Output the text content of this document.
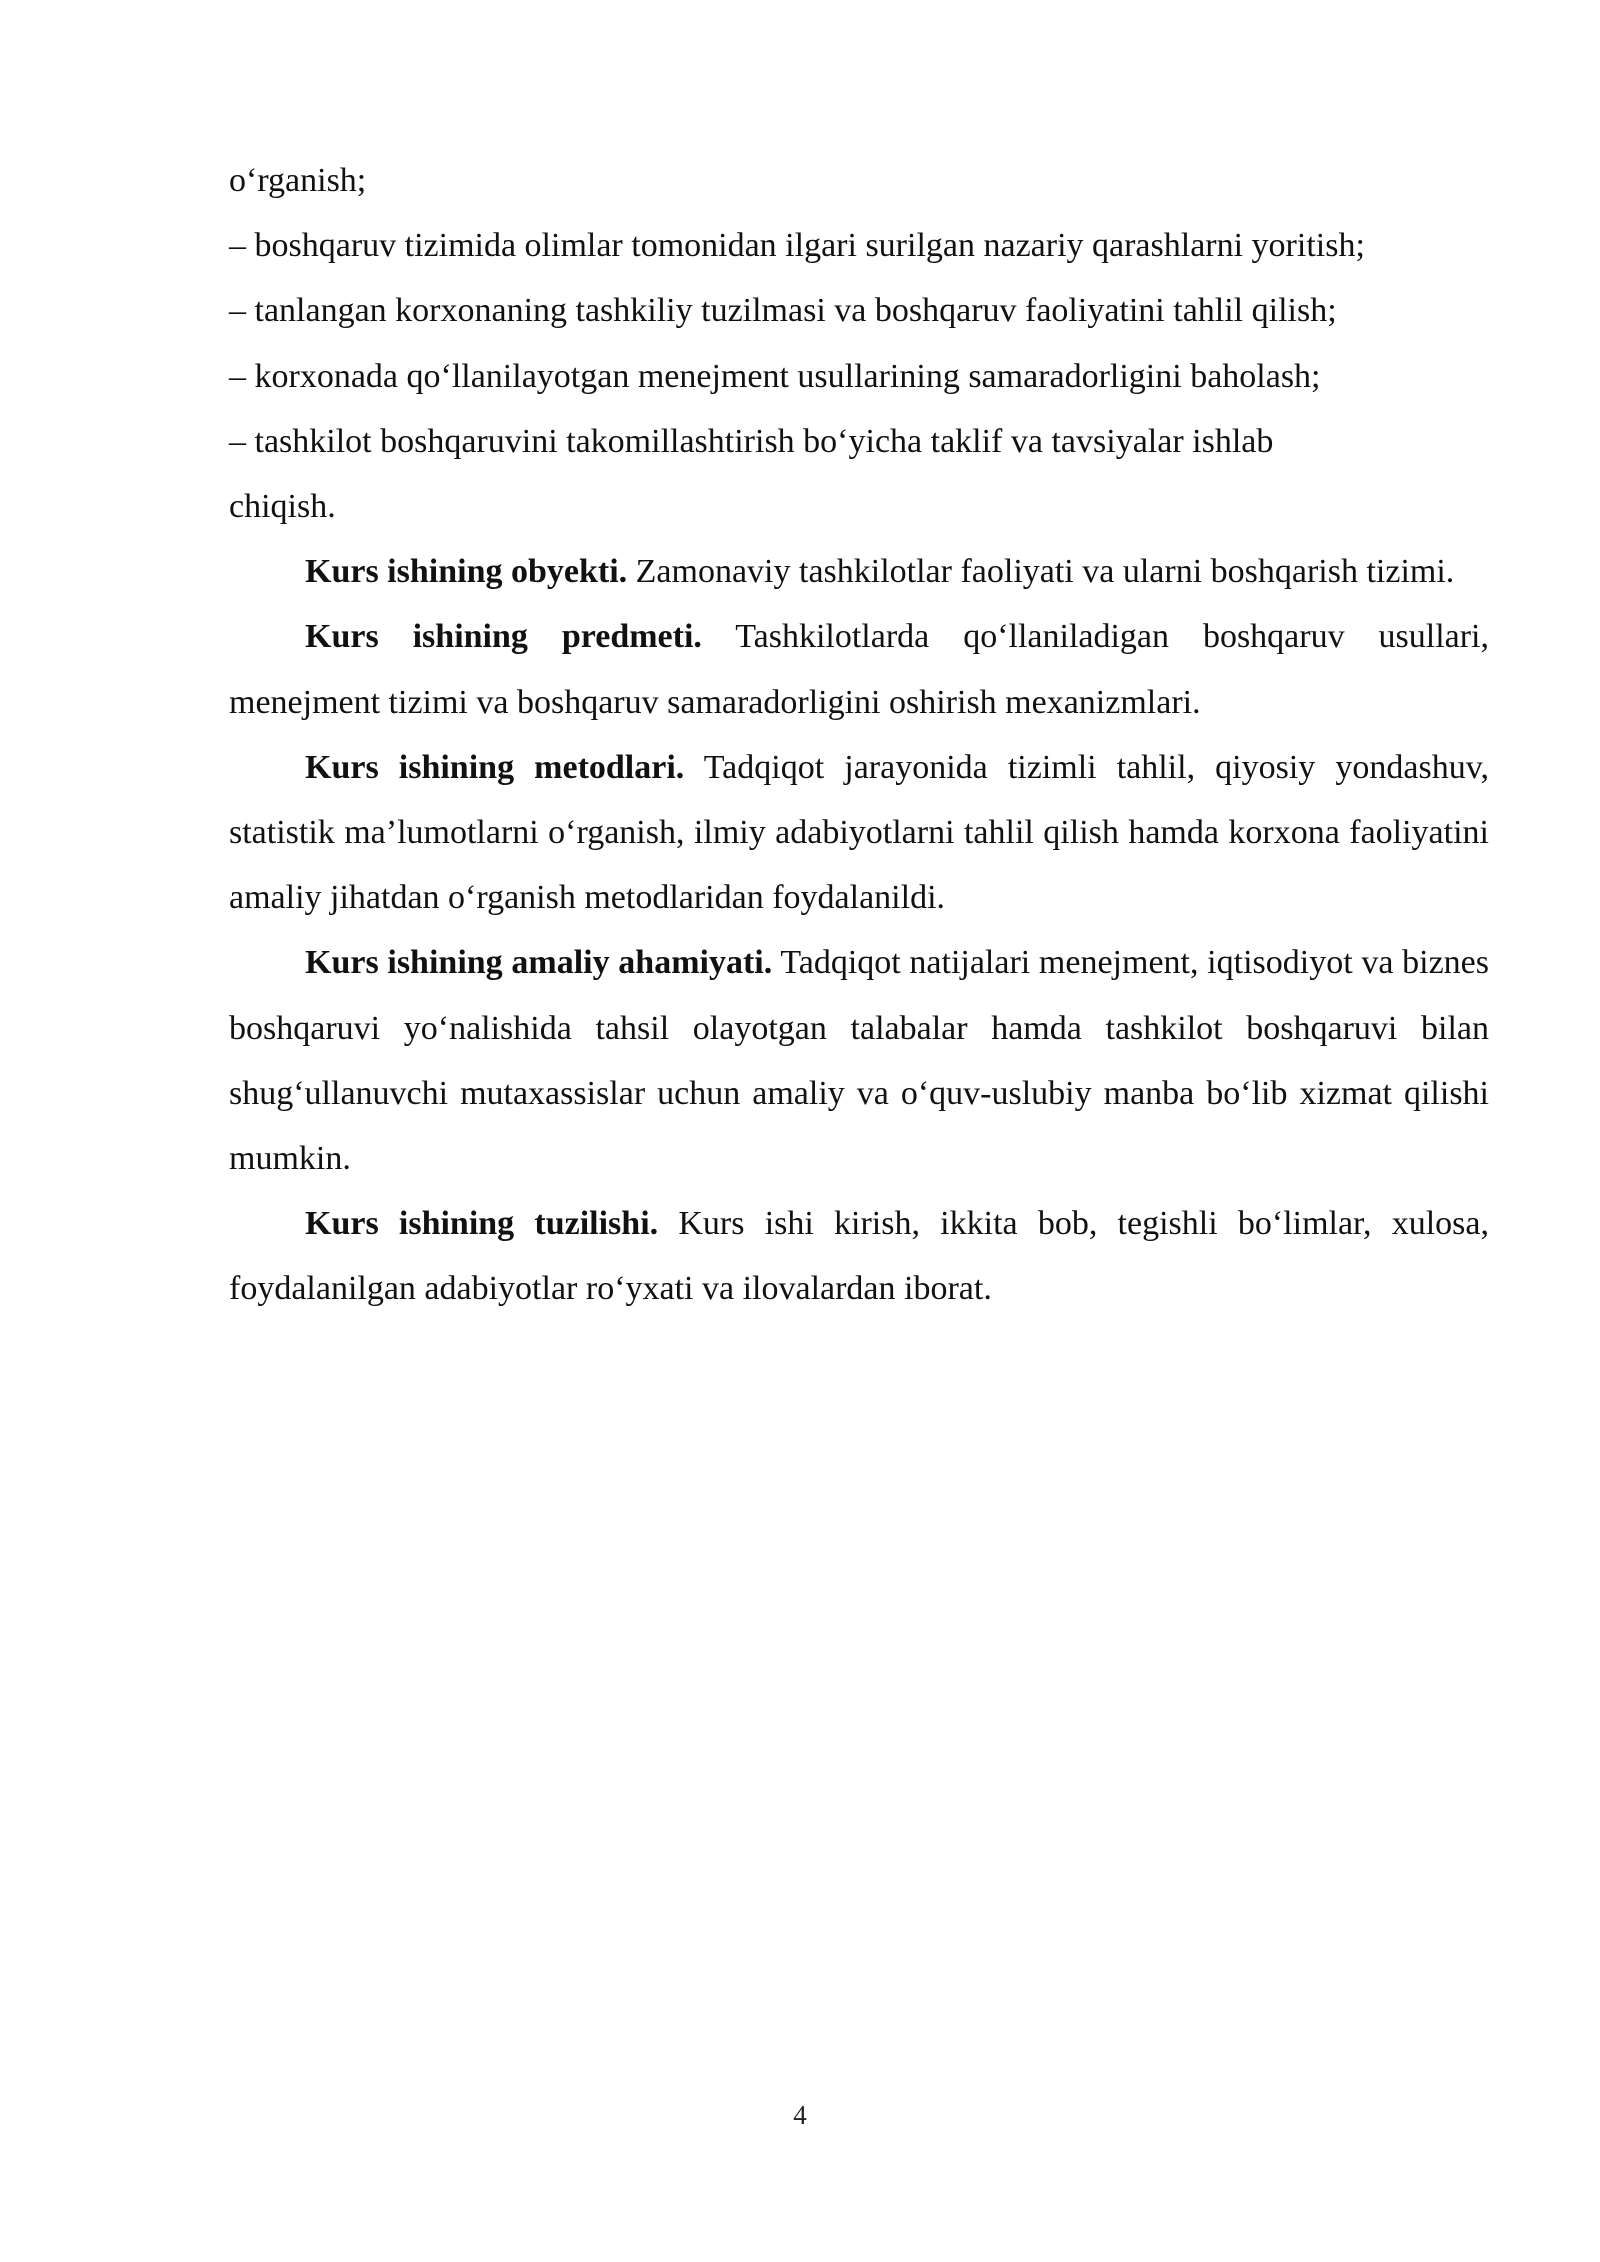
o‘rganish;
– boshqaruv tizimida olimlar tomonidan ilgari surilgan nazariy qarashlarni yoritish;
– tanlangan korxonaning tashkiliy tuzilmasi va boshqaruv faoliyatini tahlil qilish;
– korxonada qo‘llanilayotgan menejment usullarining samaradorligini baholash;
– tashkilot boshqaruvini takomillashtirish bo‘yicha taklif va tavsiyalar ishlab
chiqish.

Kurs ishining obyekti. Zamonaviy tashkilotlar faoliyati va ularni boshqarish tizimi.

Kurs ishining predmeti. Tashkilotlarda qo‘llaniladigan boshqaruv usullari, menejment tizimi va boshqaruv samaradorligini oshirish mexanizmlari.

Kurs ishining metodlari. Tadqiqot jarayonida tizimli tahlil, qiyosiy yondashuv, statistik ma’lumotlarni o‘rganish, ilmiy adabiyotlarni tahlil qilish hamda korxona faoliyatini amaliy jihatdan o‘rganish metodlaridan foydalanildi.

Kurs ishining amaliy ahamiyati. Tadqiqot natijalari menejment, iqtisodiyot va biznes boshqaruvi yo‘nalishida tahsil olayotgan talabalar hamda tashkilot boshqaruvi bilan shug‘ullanuvchi mutaxassislar uchun amaliy va o‘quv-uslubiy manba bo‘lib xizmat qilishi mumkin.

Kurs ishining tuzilishi. Kurs ishi kirish, ikkita bob, tegishli bo‘limlar, xulosa, foydalanilgan adabiyotlar ro‘yxati va ilovalardan iborat.

4
